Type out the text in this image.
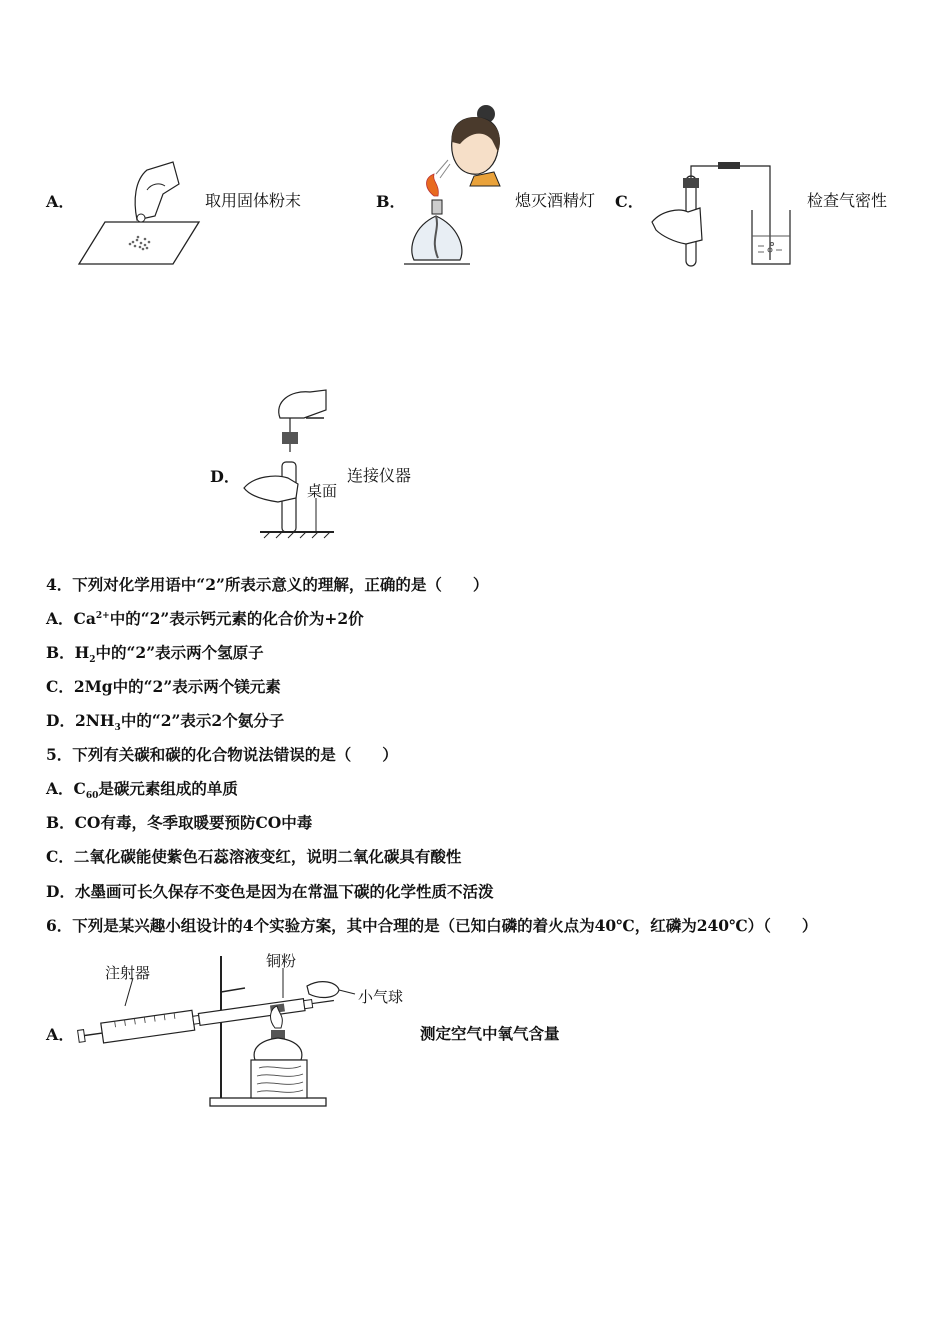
A．	取用固体粉末	B．	熄灭酒精灯 C．	检查气密性
D．
桌面
连接仪器
4．下列对化学用语中“2”所表示意义的理解，正确的是（　　）
A．$Ca^{2+}$中的“2”表示钙元素的化合价为+2价
B．$H_2$中的“2”表示两个氢原子
C．2Mg中的“2”表示两个镁元素
D．$2NH_3$中的“2”表示2个氨分子
5．下列有关碳和碳的化合物说法错误的是（　　）
A．$C_{60}$是碳元素组成的单质
B．CO有毒，冬季取暖要预防CO中毒
C．二氧化碳能使紫色石蕊溶液变红，说明二氧化碳具有酸性
D．水墨画可长久保存不变色是因为在常温下碳的化学性质不活泼
6．下列是某兴趣小组设计的4个实验方案，其中合理的是（已知白磷的着火点为40℃，红磷为240℃）（　　）
A．
注射器
铜粉
小气球
测定空气中氧气含量
